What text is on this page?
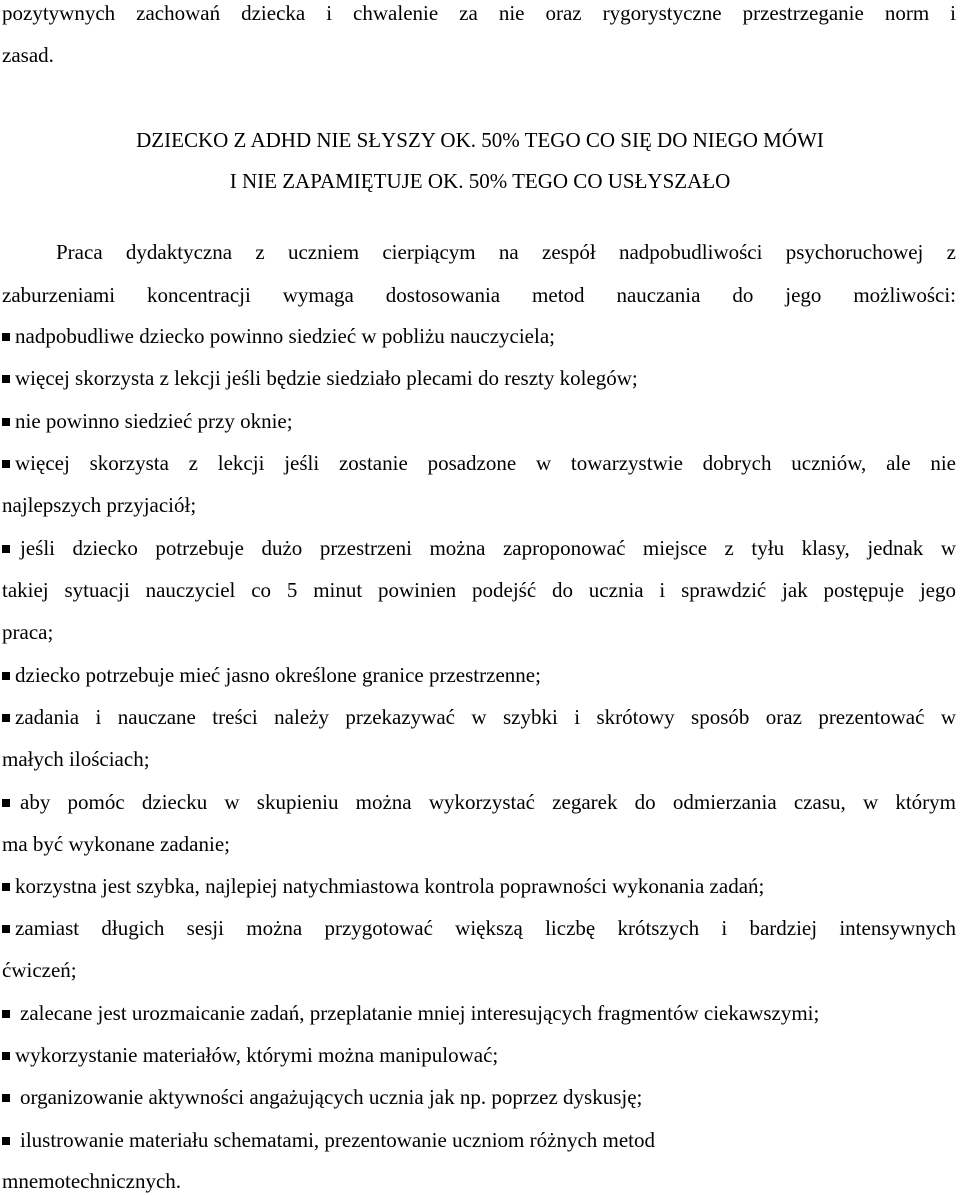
pozytywnych zachowań dziecka i chwalenie za nie oraz rygorystyczne przestrzeganie norm i
zasad.
DZIECKO Z ADHD NIE SŁYSZY OK. 50% TEGO CO SIĘ DO NIEGO MÓWI
I NIE ZAPAMIĘTUJE OK. 50% TEGO CO USŁYSZAŁO
Praca dydaktyczna z uczniem cierpiącym na zespół nadpobudliwości psychoruchowej z
zaburzeniami koncentracji wymaga dostosowania metod nauczania do jego możliwości:
nadpobudliwe dziecko powinno siedzieć w pobliżu nauczyciela;
więcej skorzysta z lekcji jeśli będzie siedziało plecami do reszty kolegów;
nie powinno siedzieć przy oknie;
więcej skorzysta z lekcji jeśli zostanie posadzone w towarzystwie dobrych uczniów, ale nie
najlepszych przyjaciół;
jeśli dziecko potrzebuje dużo przestrzeni można zaproponować miejsce z tyłu klasy, jednak w
takiej sytuacji nauczyciel co 5 minut powinien podejść do ucznia i sprawdzić jak postępuje jego
praca;
dziecko potrzebuje mieć jasno określone granice przestrzenne;
zadania i nauczane treści należy przekazywać w szybki i skrótowy sposób oraz prezentować w
małych ilościach;
aby pomóc dziecku w skupieniu można wykorzystać zegarek do odmierzania czasu, w którym
ma być wykonane zadanie;
korzystna jest szybka, najlepiej natychmiastowa kontrola poprawności wykonania zadań;
zamiast długich sesji można przygotować większą liczbę krótszych i bardziej intensywnych
ćwiczeń;
zalecane jest urozmaicanie zadań, przeplatanie mniej interesujących fragmentów ciekawszymi;
wykorzystanie materiałów, którymi można manipulować;
organizowanie aktywności angażujących ucznia jak np. poprzez dyskusję;
ilustrowanie materiału schematami, prezentowanie uczniom różnych metod
mnemotechnicznych.
